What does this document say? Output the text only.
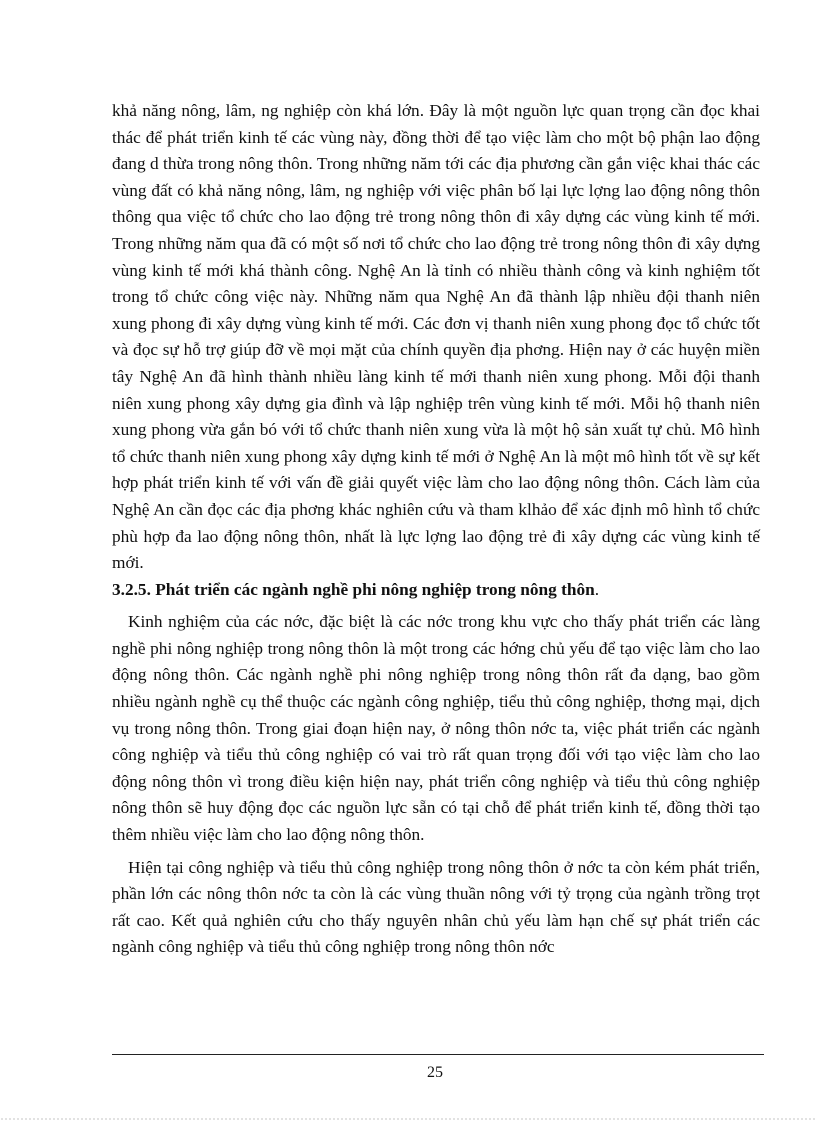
khả năng nông, lâm, ng nghiệp còn khá lớn. Đây là một nguồn lực quan trọng cần đọc khai thác để phát triển kinh tế các vùng này, đồng thời để tạo việc làm cho một bộ phận lao động đang d thừa trong nông thôn. Trong những năm tới các địa phương cần gắn việc khai thác các vùng đất có khả năng nông, lâm, ng nghiệp với việc phân bố lại lực lợng lao động nông thôn thông qua việc tổ chức cho lao động trẻ trong nông thôn đi xây dựng các vùng kinh tế mới. Trong những năm qua đã có một số nơi tổ chức cho lao động trẻ trong nông thôn đi xây dựng vùng kinh tế mới khá thành công. Nghệ An là tỉnh có nhiều thành công và kinh nghiệm tốt trong tổ chức công việc này. Những năm qua Nghệ An đã thành lập nhiều đội thanh niên xung phong đi xây dựng vùng kinh tế mới. Các đơn vị thanh niên xung phong đọc tổ chức tốt và đọc sự hỗ trợ giúp đỡ về mọi mặt của chính quyền địa phơng. Hiện nay ở các huyện miền tây Nghệ An đã hình thành nhiều làng kinh tế mới thanh niên xung phong. Mỗi đội thanh niên xung phong xây dựng gia đình và lập nghiệp trên vùng kinh tế mới. Mỗi hộ thanh niên xung phong vừa gắn bó với tổ chức thanh niên xung vừa là một hộ sản xuất tự chủ. Mô hình tổ chức thanh niên xung phong xây dựng kinh tế mới ở Nghệ An là một mô hình tốt về sự kết hợp phát triển kinh tế với vấn đề giải quyết việc làm cho lao động nông thôn. Cách làm của Nghệ An cần đọc các địa phơng khác nghiên cứu và tham klhảo để xác định mô hình tổ chức phù hợp đa lao động nông thôn, nhất là lực lợng lao động trẻ đi xây dựng các vùng kinh tế mới.

3.2.5. Phát triển các ngành nghề phi nông nghiệp trong nông thôn.

Kinh nghiệm của các nớc, đặc biệt là các nớc trong khu vực cho thấy phát triển các làng nghề phi nông nghiệp trong nông thôn là một trong các hớng chủ yếu để tạo việc làm cho lao động nông thôn. Các ngành nghề phi nông nghiệp trong nông thôn rất đa dạng, bao gồm nhiều ngành nghề cụ thể thuộc các ngành công nghiệp, tiểu thủ công nghiệp, thơng mại, dịch vụ trong nông thôn. Trong giai đoạn hiện nay, ở nông thôn nớc ta, việc phát triển các ngành công nghiệp và tiểu thủ công nghiệp có vai trò rất quan trọng đối với tạo việc làm cho lao động nông thôn vì trong điều kiện hiện nay, phát triển công nghiệp và tiểu thủ công nghiệp nông thôn sẽ huy động đọc các nguồn lực sẵn có tại chỗ để phát triển kinh tế, đồng thời tạo thêm nhiều việc làm cho lao động nông thôn.

Hiện tại công nghiệp và tiểu thủ công nghiệp trong nông thôn ở nớc ta còn kém phát triển, phần lớn các nông thôn nớc ta còn là các vùng thuần nông với tỷ trọng của ngành trồng trọt rất cao. Kết quả nghiên cứu cho thấy nguyên nhân chủ yếu làm hạn chế sự phát triển các ngành công nghiệp và tiểu thủ công nghiệp trong nông thôn nớc

25
